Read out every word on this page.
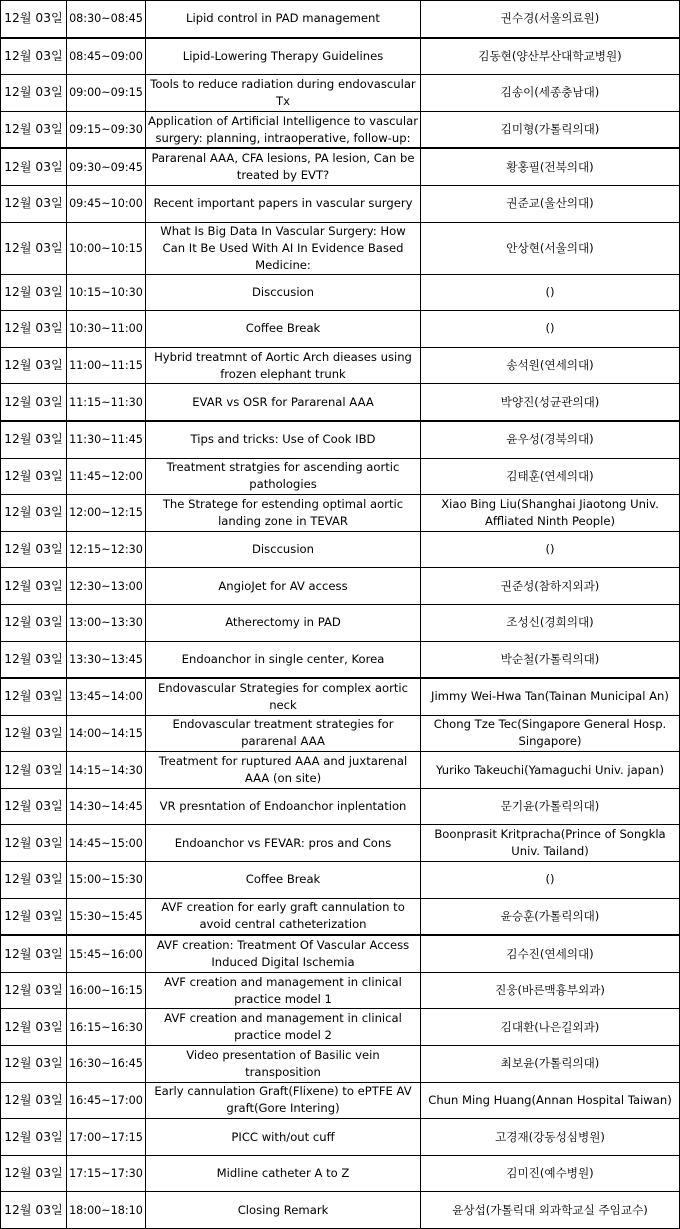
12월 03일	08:30~08:45	Lipid control in PAD management	권수경(서울의료원)
12월 03일	08:45~09:00	Lipid-Lowering Therapy Guidelines	김동현(양산부산대학교병원)
12월 03일	09:00~09:15	Tools to reduce radiation during endovascular Tx	김송이(세종충남대)
12월 03일	09:15~09:30	Application of Artificial Intelligence to vascular surgery: planning, intraoperative, follow-up:	김미형(가톨릭의대)
12월 03일	09:30~09:45	Pararenal AAA, CFA lesions, PA lesion, Can be treated by EVT?	황홍필(전북의대)
12월 03일	09:45~10:00	Recent important papers in vascular surgery	권준교(울산의대)
12월 03일	10:00~10:15	What Is Big Data In Vascular Surgery: How Can It Be Used With AI In Evidence Based Medicine:	안상현(서울의대)
12월 03일	10:15~10:30	Disccusion	()
12월 03일	10:30~11:00	Coffee Break	()
12월 03일	11:00~11:15	Hybrid treatmnt of Aortic Arch dieases using frozen elephant trunk	송석원(연세의대)
12월 03일	11:15~11:30	EVAR vs OSR for Pararenal AAA	박양진(성균관의대)
12월 03일	11:30~11:45	Tips and tricks: Use of Cook IBD	윤우성(경북의대)
12월 03일	11:45~12:00	Treatment stratgies for ascending aortic pathologies	김태훈(연세의대)
12월 03일	12:00~12:15	The Stratege for estending optimal aortic landing zone in TEVAR	Xiao Bing Liu(Shanghai Jiaotong Univ. Affliated Ninth People)
12월 03일	12:15~12:30	Disccusion	()
12월 03일	12:30~13:00	AngioJet for AV access	권준성(참하지외과)
12월 03일	13:00~13:30	Atherectomy in PAD	조성신(경희의대)
12월 03일	13:30~13:45	Endoanchor in single center, Korea	박순철(가톨릭의대)
12월 03일	13:45~14:00	Endovascular Strategies for complex aortic neck	Jimmy Wei-Hwa Tan(Tainan Municipal An)
12월 03일	14:00~14:15	Endovascular treatment strategies for pararenal AAA	Chong Tze Tec(Singapore General Hosp. Singapore)
12월 03일	14:15~14:30	Treatment for ruptured AAA and juxtarenal AAA (on site)	Yuriko Takeuchi(Yamaguchi Univ. japan)
12월 03일	14:30~14:45	VR presntation of Endoanchor inplentation	문기윤(가톨릭의대)
12월 03일	14:45~15:00	Endoanchor vs FEVAR: pros and Cons	Boonprasit Kritpracha(Prince of Songkla Univ. Tailand)
12월 03일	15:00~15:30	Coffee Break	()
12월 03일	15:30~15:45	AVF creation for early graft cannulation to avoid central catheterization	윤승훈(가톨릭의대)
12월 03일	15:45~16:00	AVF creation: Treatment Of Vascular Access Induced Digital Ischemia	김수진(연세의대)
12월 03일	16:00~16:15	AVF creation and management in clinical practice model 1	진웅(바른맥흉부외과)
12월 03일	16:15~16:30	AVF creation and management in clinical practice model 2	김대환(나은길외과)
12월 03일	16:30~16:45	Video presentation of Basilic vein transposition	최보윤(가톨릭의대)
12월 03일	16:45~17:00	Early cannulation Graft(Flixene) to ePTFE AV graft(Gore Intering)	Chun Ming Huang(Annan Hospital Taiwan)
12월 03일	17:00~17:15	PICC with/out cuff	고경재(강동성심병원)
12월 03일	17:15~17:30	Midline catheter A to Z	김미진(예수병원)
12월 03일	18:00~18:10	Closing Remark	윤상섭(가톨릭대 외과학교실 주임교수)
